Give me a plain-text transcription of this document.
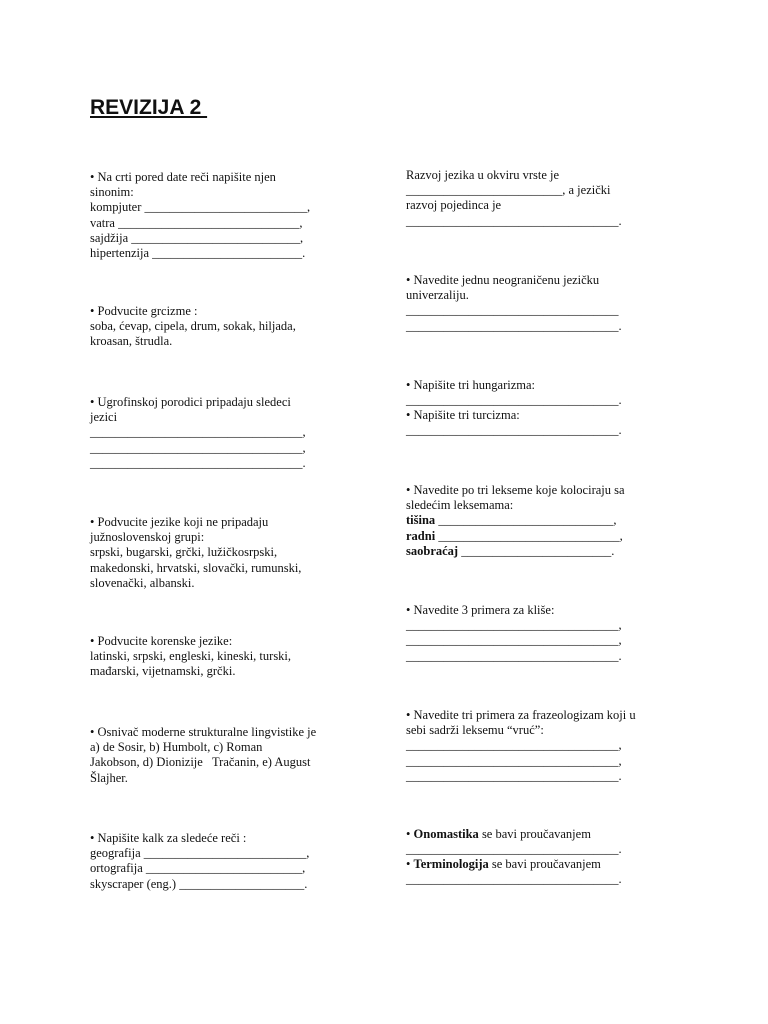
REVIZIJA 2
• Na crti pored date reči napišite njen
sinonim:
kompjuter __________________________,
vatra _____________________________,
sajdžija ___________________________,
hipertenzija ________________________.
• Podvucite grcizme :
soba, ćevap, cipela, drum, sokak, hiljada,
kroasan, štrudla.
• Ugrofinskoj porodici pripadaju sledeci
jezici
__________________________________,
__________________________________,
__________________________________.
• Podvucite jezike koji ne pripadaju
južnoslovenskoj grupi:
srpski, bugarski, grčki, lužičkosrpski,
makedonski, hrvatski, slovački, rumunski,
slovenački, albanski.
• Podvucite korenske jezike:
latinski, srpski, engleski, kineski, turski,
mađarski, vijetnamski, grčki.
• Osnivač moderne strukturalne lingvistike je
a) de Sosir, b) Humbolt, c) Roman
Jakobson, d) Dionizije   Tračanin, e) August
Šlajher.
• Napišite kalk za sledeće reči :
geografija __________________________,
ortografija _________________________,
skyscraper (eng.) ____________________.
Razvoj jezika u okviru vrste je
_________________________, a jezički
razvoj pojedinca je
__________________________________.
• Navedite jednu neograničenu jezičku
univerzaliju.
__________________________________
__________________________________.
• Napišite tri hungarizma:
__________________________________.
• Napišite tri turcizma:
__________________________________.
• Navedite po tri lekseme koje kolociraju sa
sledećim leksemama:
tišina ____________________________,
radni _____________________________,
saobraćaj ________________________.
• Navedite 3 primera za kliše:
__________________________________,
__________________________________,
__________________________________.
• Navedite tri primera za frazeologizam koji u
sebi sadrži leksemu “vruć”:
__________________________________,
__________________________________,
__________________________________.
• Onomastika se bavi proučavanjem
__________________________________.
• Terminologija se bavi proučavanjem
__________________________________.
